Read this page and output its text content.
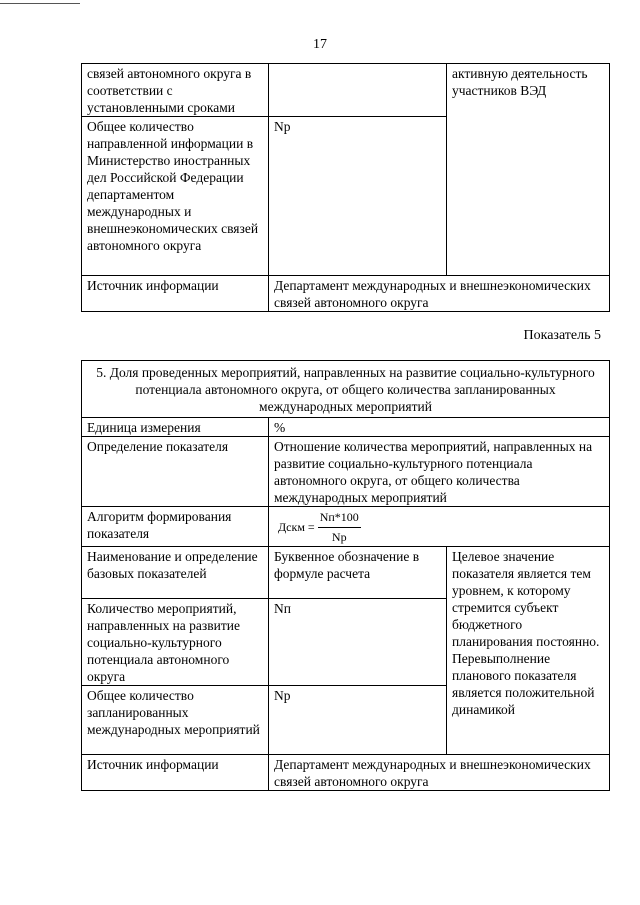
17
связей автономного округа в соответствии с установленными сроками		активную деятельность участников ВЭД
Общее количество направленной информации в Министерство иностранных дел Российской Федерации департаментом международных и внешнеэкономических связей автономного округа	Nр	
Источник информации	Департамент международных и внешнеэкономических связей автономного округа	
Показатель 5
5. Доля проведенных мероприятий, направленных на развитие социально-культурного потенциала автономного округа, от общего количества запланированных международных мероприятий		
Единица измерения	%	
Определение показателя	Отношение количества мероприятий, направленных на развитие социально-культурного потенциала автономного округа, от общего количества международных мероприятий	
Алгоритм формирования показателя	Дскм = $\frac{Nп*100}{Nр}$

Наименование и определение базовых показателей	Буквенное обозначение в формуле расчета	Целевое значение показателя является тем уровнем, к которому стремится субъект бюджетного планирования постоянно. Перевыполнение планового показателя является положительной динамикой
Количество мероприятий, направленных на развитие социально-культурного потенциала автономного округа	Nп	
Общее количество запланированных международных мероприятий	Nр	
Источник информации	Департамент международных и внешнеэкономических связей автономного округа	
